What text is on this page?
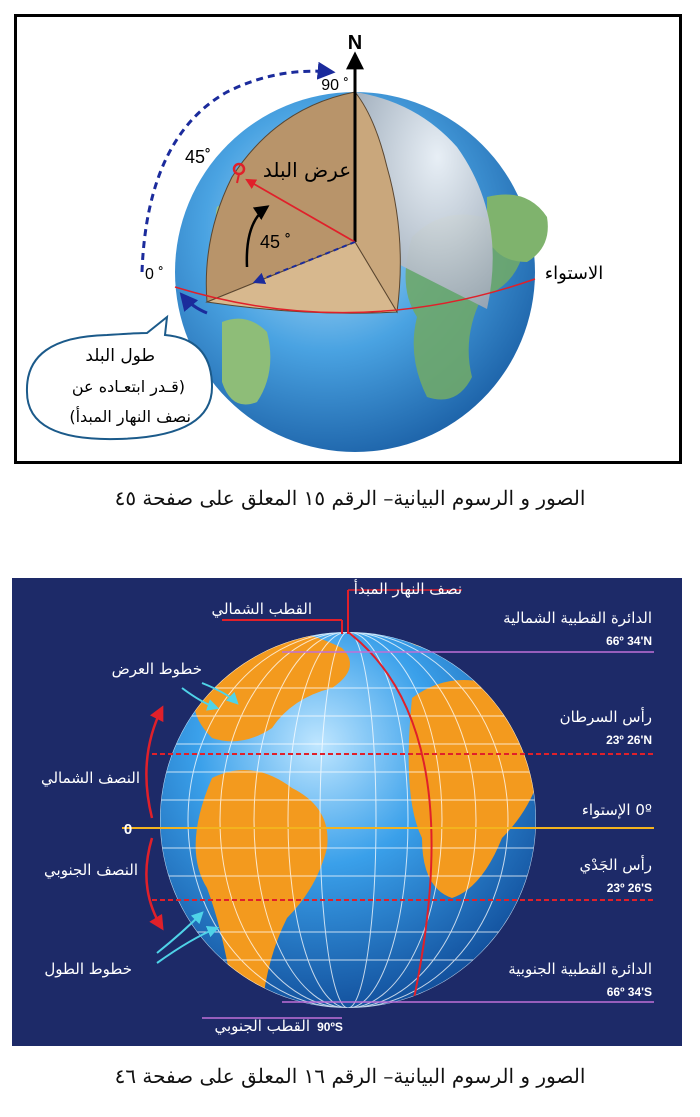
N
90 ˚
45˚
0 ˚
45 ˚
عرض البلد
الاستواء
طول البلد
(قـدر ابتعـاده عن
نصف النهار المبدأ)
الصور و الرسوم البيانية– الرقم ١٥ المعلق على صفحة ٤٥
نصف النهار المبدأ
القطب الشمالي
خطوط العرض
النصف الشمالي
0
النصف الجنوبي
خطوط الطول
القطب الجنوبي
الدائرة القطبية الشمالية
رأس السرطان
0º الإستواء
رأس الجَدْي
الدائرة القطبية الجنوبية
66º 34'N
23º 26'N
23º 26'S
66º 34'S
90ºS
الصور و الرسوم البيانية– الرقم ١٦ المعلق على صفحة ٤٦
